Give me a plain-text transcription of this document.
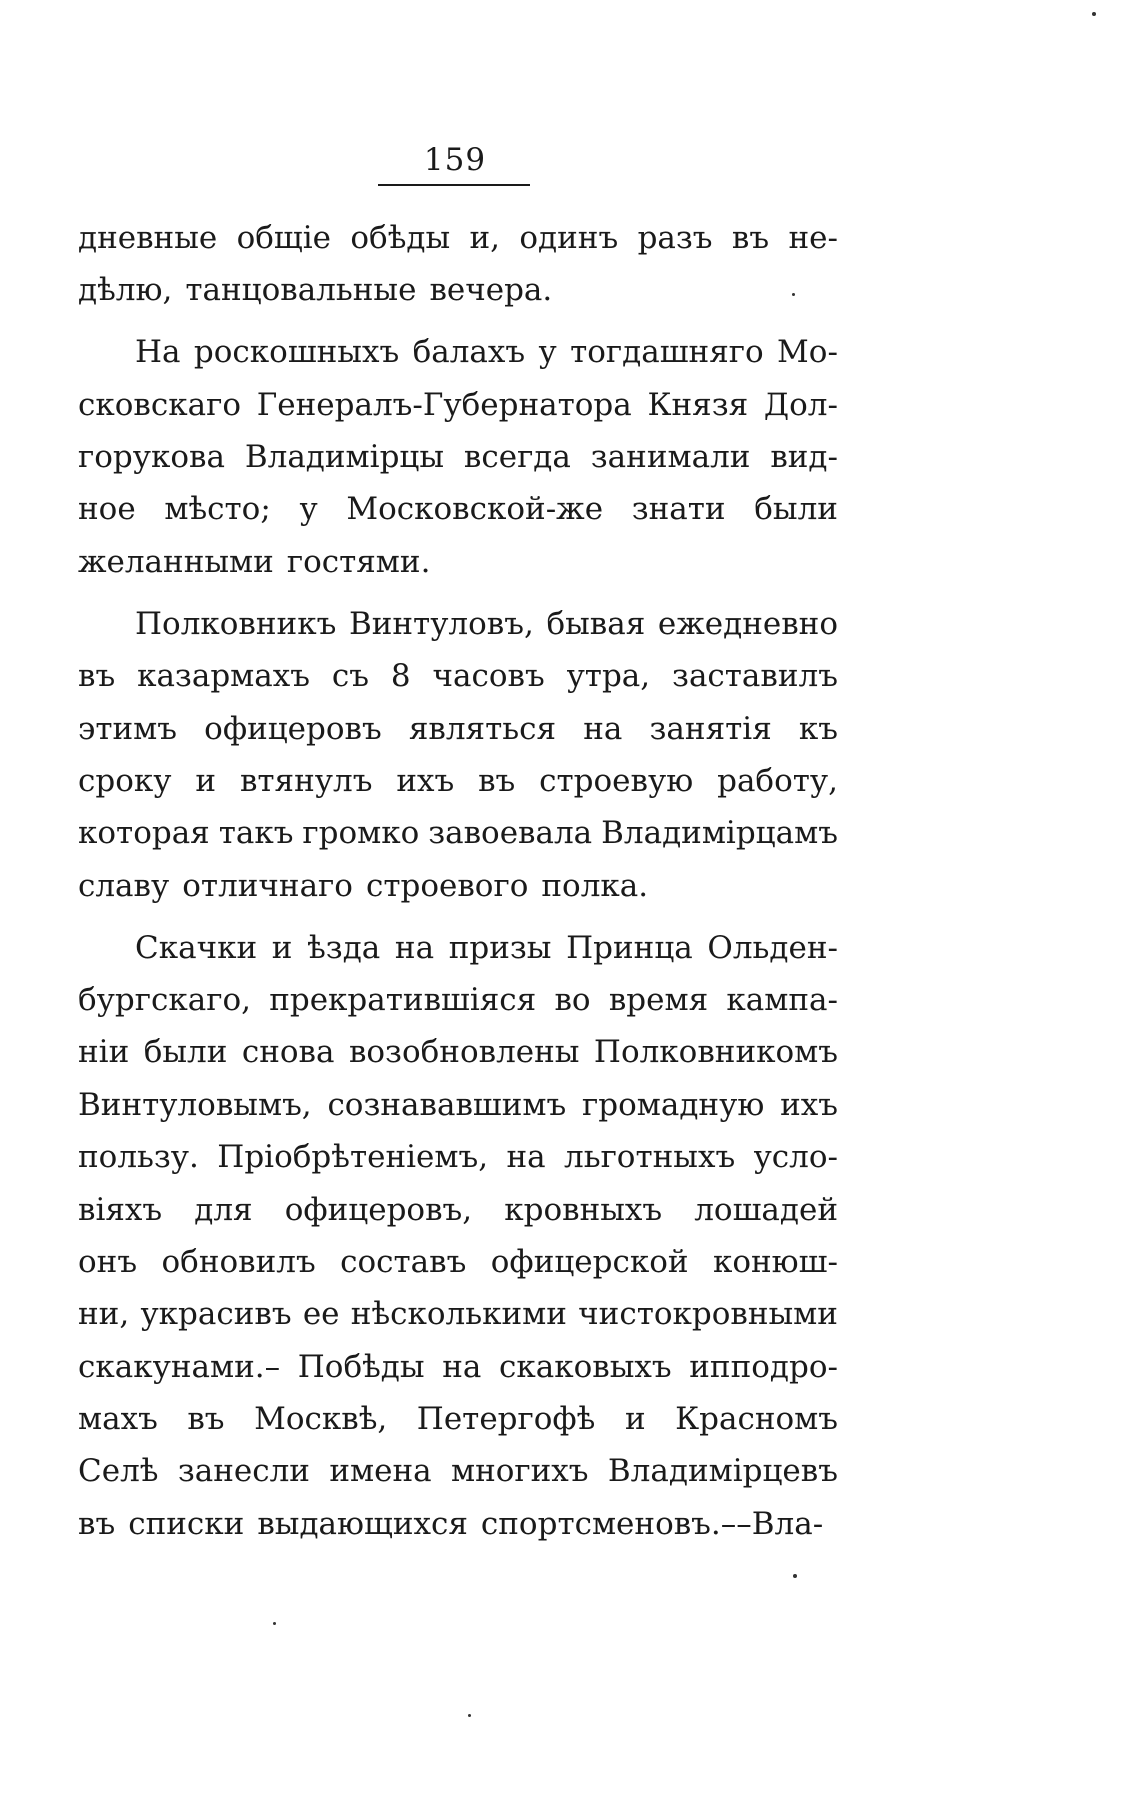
159
дневные общіе обѣды и, одинъ разъ въ не-
дѣлю, танцовальные вечера.
На роскошныхъ балахъ у тогдашняго Мо-
сковскаго Генералъ-Губернатора Князя Дол-
горукова Владимірцы всегда занимали вид-
ное мѣсто; у Московской-же знати были
желанными гостями.
Полковникъ Винтуловъ, бывая ежедневно
въ казармахъ съ 8 часовъ утра, заставилъ
этимъ офицеровъ являться на занятія къ
сроку и втянулъ ихъ въ строевую работу,
которая такъ громко завоевала Владимірцамъ
славу отличнаго строевого полка.
Скачки и ѣзда на призы Принца Ольден-
бургскаго, прекратившіяся во время кампа-
ніи были снова возобновлены Полковникомъ
Винтуловымъ, сознававшимъ громадную ихъ
пользу. Пріобрѣтеніемъ, на льготныхъ усло-
віяхъ для офицеровъ, кровныхъ лошадей
онъ обновилъ составъ офицерской конюш-
ни, украсивъ ее нѣсколькими чистокровными
скакунами.– Побѣды на скаковыхъ ипподро-
махъ въ Москвѣ, Петергофѣ и Красномъ
Селѣ занесли имена многихъ Владимірцевъ
въ списки выдающихся спортсменовъ.––Вла-
